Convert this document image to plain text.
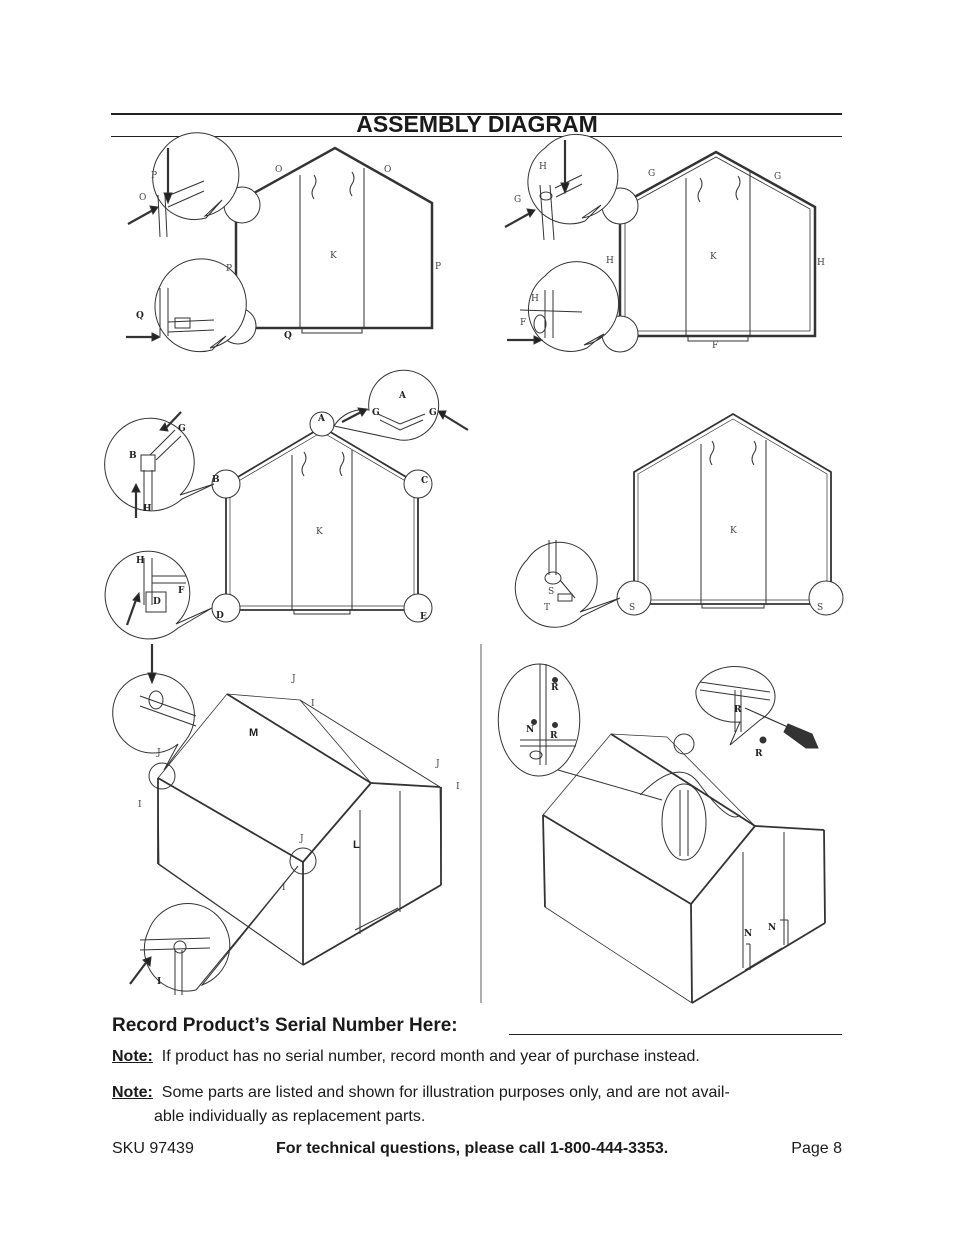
ASSEMBLY DIAGRAM
P
O
O	O
P	P
K
Q
Q
H
G
G	G
H	H
K
H
F
F
G
B
H
A
G
A
G
B	C
K
H
F
D
D	E
S
T
K
S	S
J
I
M
J
I
J
I
L
J
I
I
R
N
R
R
R
N
N
Record Product’s Serial Number Here:
Note: If product has no serial number, record month and year of purchase instead.
Note: Some parts are listed and shown for illustration purposes only, and are not avail-
able individually as replacement parts.
SKU 97439	For technical questions, please call 1-800-444-3353.	Page 8
